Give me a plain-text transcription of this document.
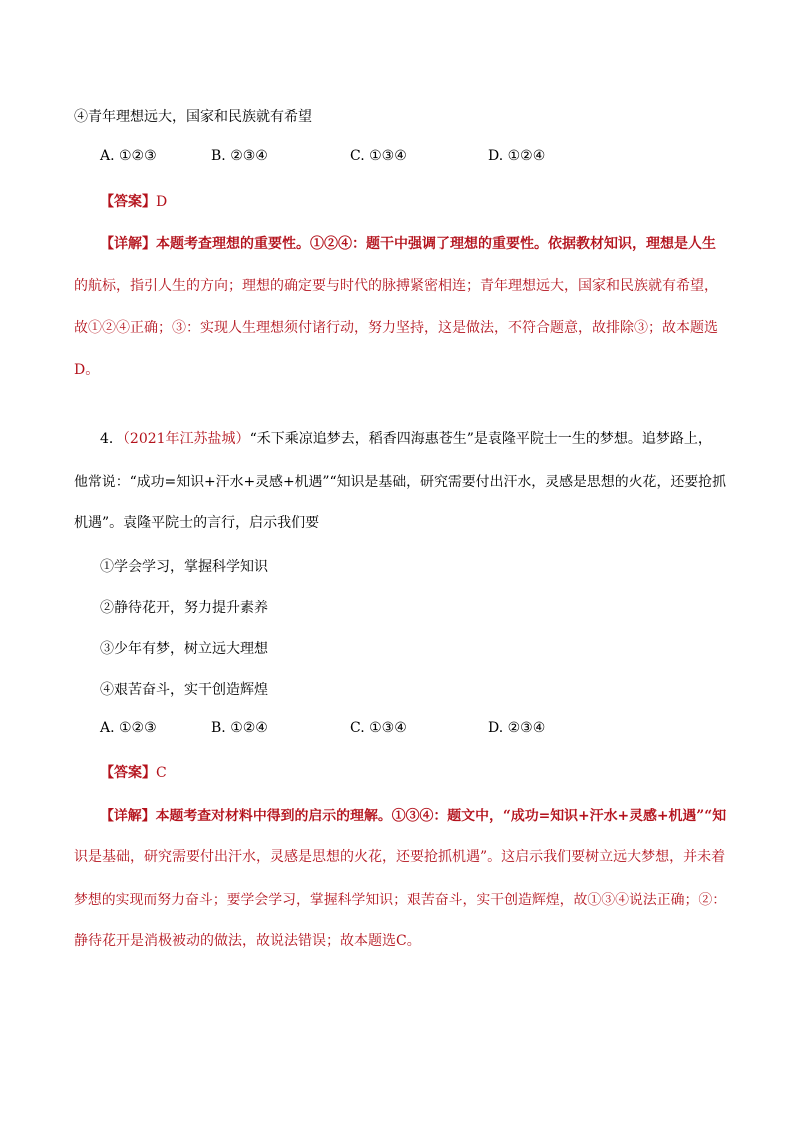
④青年理想远大，国家和民族就有希望
A. ①②③	B. ②③④	C. ①③④	D. ①②④
【答案】D
【详解】本题考查理想的重要性。①②④：题干中强调了理想的重要性。依据教材知识，理想是人生
的航标，指引人生的方向；理想的确定要与时代的脉搏紧密相连；青年理想远大，国家和民族就有希望，
故①②④正确；③：实现人生理想须付诸行动，努力坚持，这是做法，不符合题意，故排除③；故本题选
D。
4．（2021年江苏盐城）“禾下乘凉追梦去，稻香四海惠苍生”是袁隆平院士一生的梦想。追梦路上，
他常说：“成功=知识+汗水+灵感+机遇”“知识是基础，研究需要付出汗水，灵感是思想的火花，还要抢抓
机遇”。袁隆平院士的言行，启示我们要
①学会学习，掌握科学知识
②静待花开，努力提升素养
③少年有梦，树立远大理想
④艰苦奋斗，实干创造辉煌
A. ①②③	B. ①②④	C. ①③④	D. ②③④
【答案】C
【详解】本题考查对材料中得到的启示的理解。①③④：题文中，“成功=知识+汗水+灵感+机遇”“知
识是基础，研究需要付出汗水，灵感是思想的火花，还要抢抓机遇”。这启示我们要树立远大梦想，并未着
梦想的实现而努力奋斗；要学会学习，掌握科学知识；艰苦奋斗，实干创造辉煌，故①③④说法正确；②：
静待花开是消极被动的做法，故说法错误；故本题选C。
